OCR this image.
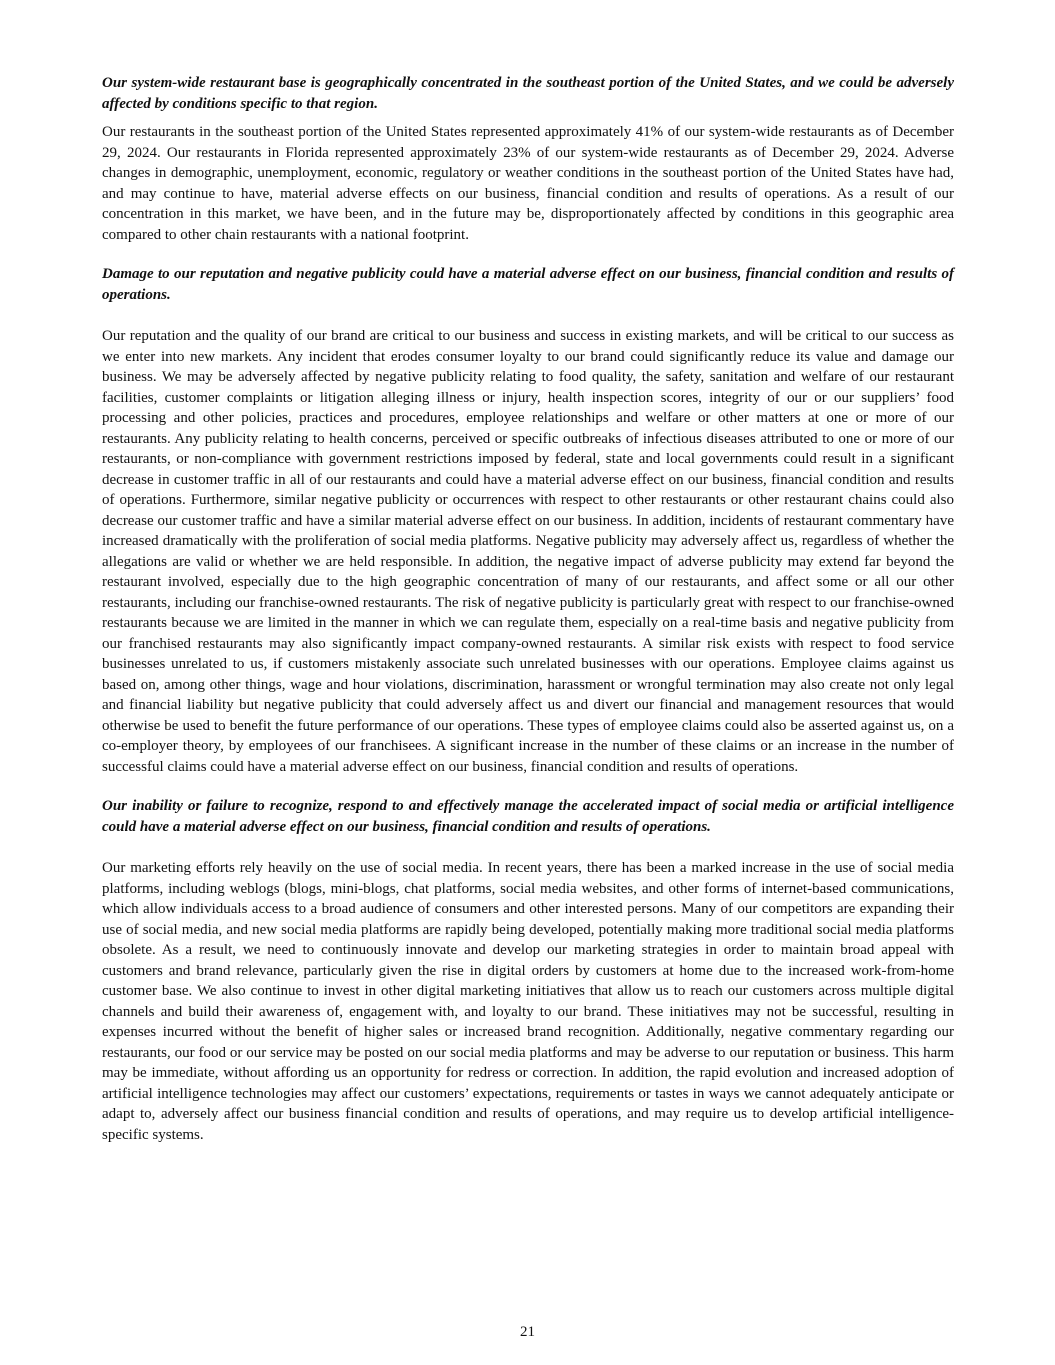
Our system-wide restaurant base is geographically concentrated in the southeast portion of the United States, and we could be adversely affected by conditions specific to that region.

Our restaurants in the southeast portion of the United States represented approximately 41% of our system-wide restaurants as of December 29, 2024. Our restaurants in Florida represented approximately 23% of our system-wide restaurants as of December 29, 2024. Adverse changes in demographic, unemployment, economic, regulatory or weather conditions in the southeast portion of the United States have had, and may continue to have, material adverse effects on our business, financial condition and results of operations. As a result of our concentration in this market, we have been, and in the future may be, disproportionately affected by conditions in this geographic area compared to other chain restaurants with a national footprint.

Damage to our reputation and negative publicity could have a material adverse effect on our business, financial condition and results of operations.

Our reputation and the quality of our brand are critical to our business and success in existing markets, and will be critical to our success as we enter into new markets. Any incident that erodes consumer loyalty to our brand could significantly reduce its value and damage our business. We may be adversely affected by negative publicity relating to food quality, the safety, sanitation and welfare of our restaurant facilities, customer complaints or litigation alleging illness or injury, health inspection scores, integrity of our or our suppliers’ food processing and other policies, practices and procedures, employee relationships and welfare or other matters at one or more of our restaurants. Any publicity relating to health concerns, perceived or specific outbreaks of infectious diseases attributed to one or more of our restaurants, or non-compliance with government restrictions imposed by federal, state and local governments could result in a significant decrease in customer traffic in all of our restaurants and could have a material adverse effect on our business, financial condition and results of operations. Furthermore, similar negative publicity or occurrences with respect to other restaurants or other restaurant chains could also decrease our customer traffic and have a similar material adverse effect on our business. In addition, incidents of restaurant commentary have increased dramatically with the proliferation of social media platforms. Negative publicity may adversely affect us, regardless of whether the allegations are valid or whether we are held responsible. In addition, the negative impact of adverse publicity may extend far beyond the restaurant involved, especially due to the high geographic concentration of many of our restaurants, and affect some or all our other restaurants, including our franchise-owned restaurants. The risk of negative publicity is particularly great with respect to our franchise-owned restaurants because we are limited in the manner in which we can regulate them, especially on a real-time basis and negative publicity from our franchised restaurants may also significantly impact company-owned restaurants. A similar risk exists with respect to food service businesses unrelated to us, if customers mistakenly associate such unrelated businesses with our operations. Employee claims against us based on, among other things, wage and hour violations, discrimination, harassment or wrongful termination may also create not only legal and financial liability but negative publicity that could adversely affect us and divert our financial and management resources that would otherwise be used to benefit the future performance of our operations. These types of employee claims could also be asserted against us, on a co-employer theory, by employees of our franchisees. A significant increase in the number of these claims or an increase in the number of successful claims could have a material adverse effect on our business, financial condition and results of operations.

Our inability or failure to recognize, respond to and effectively manage the accelerated impact of social media or artificial intelligence could have a material adverse effect on our business, financial condition and results of operations.

Our marketing efforts rely heavily on the use of social media. In recent years, there has been a marked increase in the use of social media platforms, including weblogs (blogs, mini-blogs, chat platforms, social media websites, and other forms of internet-based communications, which allow individuals access to a broad audience of consumers and other interested persons. Many of our competitors are expanding their use of social media, and new social media platforms are rapidly being developed, potentially making more traditional social media platforms obsolete. As a result, we need to continuously innovate and develop our marketing strategies in order to maintain broad appeal with customers and brand relevance, particularly given the rise in digital orders by customers at home due to the increased work-from-home customer base. We also continue to invest in other digital marketing initiatives that allow us to reach our customers across multiple digital channels and build their awareness of, engagement with, and loyalty to our brand. These initiatives may not be successful, resulting in expenses incurred without the benefit of higher sales or increased brand recognition. Additionally, negative commentary regarding our restaurants, our food or our service may be posted on our social media platforms and may be adverse to our reputation or business. This harm may be immediate, without affording us an opportunity for redress or correction. In addition, the rapid evolution and increased adoption of artificial intelligence technologies may affect our customers’ expectations, requirements or tastes in ways we cannot adequately anticipate or adapt to, adversely affect our business financial condition and results of operations, and may require us to develop artificial intelligence-specific systems.

21
